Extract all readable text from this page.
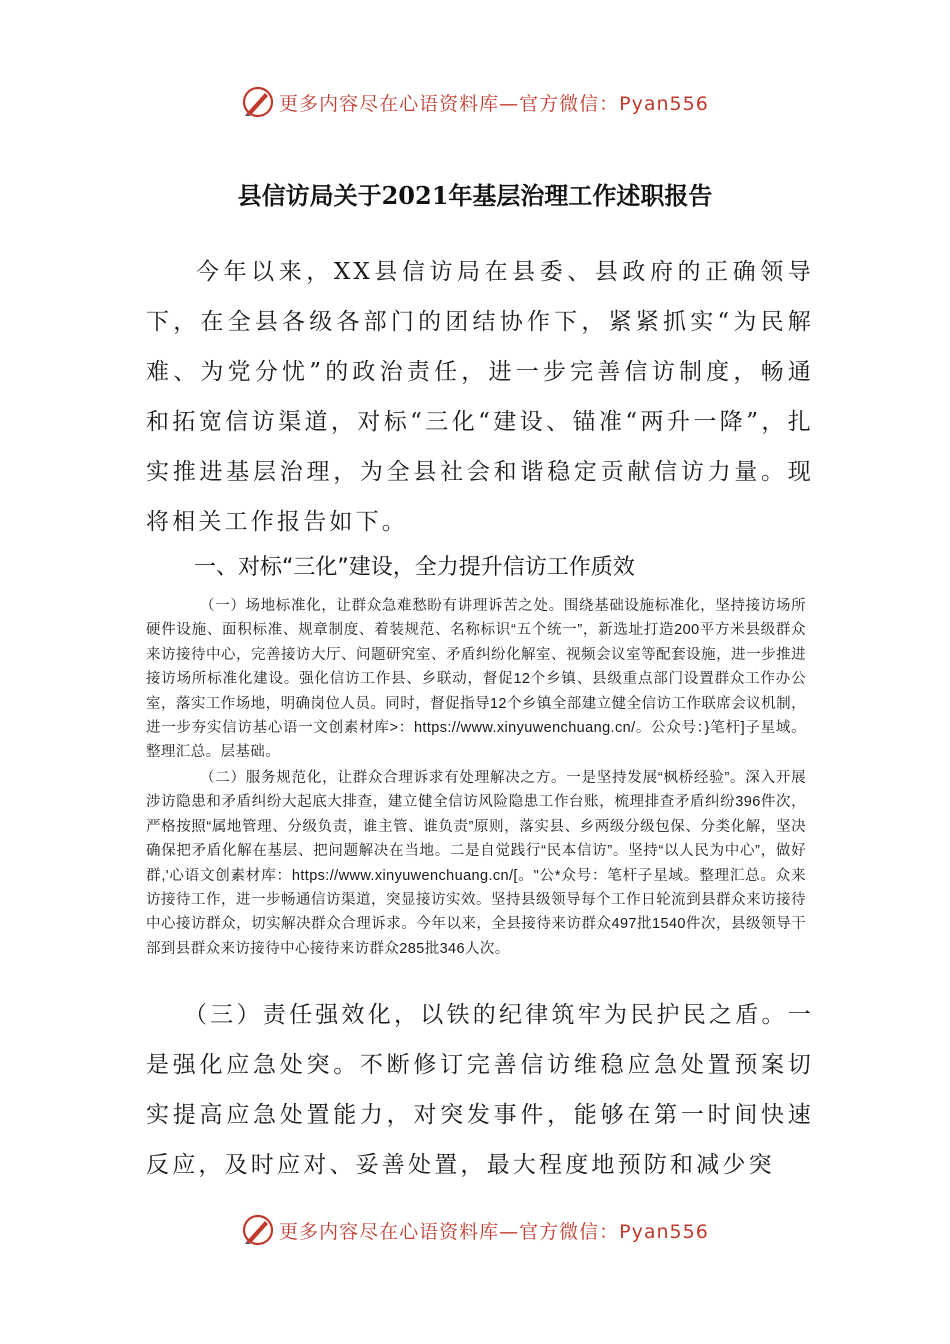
更多内容尽在心语资料库—官方微信：Pyan556
县信访局关于2021年基层治理工作述职报告

今年以来，XX县信访局在县委、县政府的正确领导下，在全县各级各部门的团结协作下，紧紧抓实“为民解难、为党分忧”的政治责任，进一步完善信访制度，畅通和拓宽信访渠道，对标“三化“建设、锚准“两升一降”，扎实推进基层治理，为全县社会和谐稳定贡献信访力量。现将相关工作报告如下。

一、对标“三化”建设，全力提升信访工作质效

（一）场地标准化，让群众急难愁盼有讲理诉苦之处。围绕基础设施标准化，坚持接访场所硬件设施、面积标准、规章制度、着装规范、名称标识“五个统一”，新选址打造200平方米县级群众来访接待中心，完善接访大厅、问题研究室、矛盾纠纷化解室、视频会议室等配套设施，进一步推进接访场所标准化建设。强化信访工作县、乡联动，督促12个乡镇、县级重点部门设置群众工作办公室，落实工作场地，明确岗位人员。同时，督促指导12个乡镇全部建立健全信访工作联席会议机制，进一步夯实信访基心语一文创素材库>：https://www.xinyuwenchuang.cn/。公众号：}笔杆]子星域。整理汇总。层基础。

（二）服务规范化，让群众合理诉求有处理解决之方。一是坚持发展“枫桥经验”。深入开展涉访隐患和矛盾纠纷大起底大排查，建立健全信访风险隐患工作台账，梳理排查矛盾纠纷396件次，严格按照“属地管理、分级负责，谁主管、谁负责”原则，落实县、乡两级分级包保、分类化解，坚决确保把矛盾化解在基层、把问题解决在当地。二是自觉践行“民本信访”。坚持“以人民为中心”，做好群,'心语文创素材库：https://www.xinyuwenchuang.cn/[。"公*众号：笔杆子星域。整理汇总。众来访接待工作，进一步畅通信访渠道，突显接访实效。坚持县级领导每个工作日轮流到县群众来访接待中心接访群众，切实解决群众合理诉求。今年以来，全县接待来访群众497批1540件次，县级领导干部到县群众来访接待中心接待来访群众285批346人次。

（三）责任强效化，以铁的纪律筑牢为民护民之盾。一是强化应急处突。不断修订完善信访维稳应急处置预案切实提高应急处置能力，对突发事件，能够在第一时间快速反应，及时应对、妥善处置，最大程度地预防和减少突

更多内容尽在心语资料库—官方微信：Pyan556
